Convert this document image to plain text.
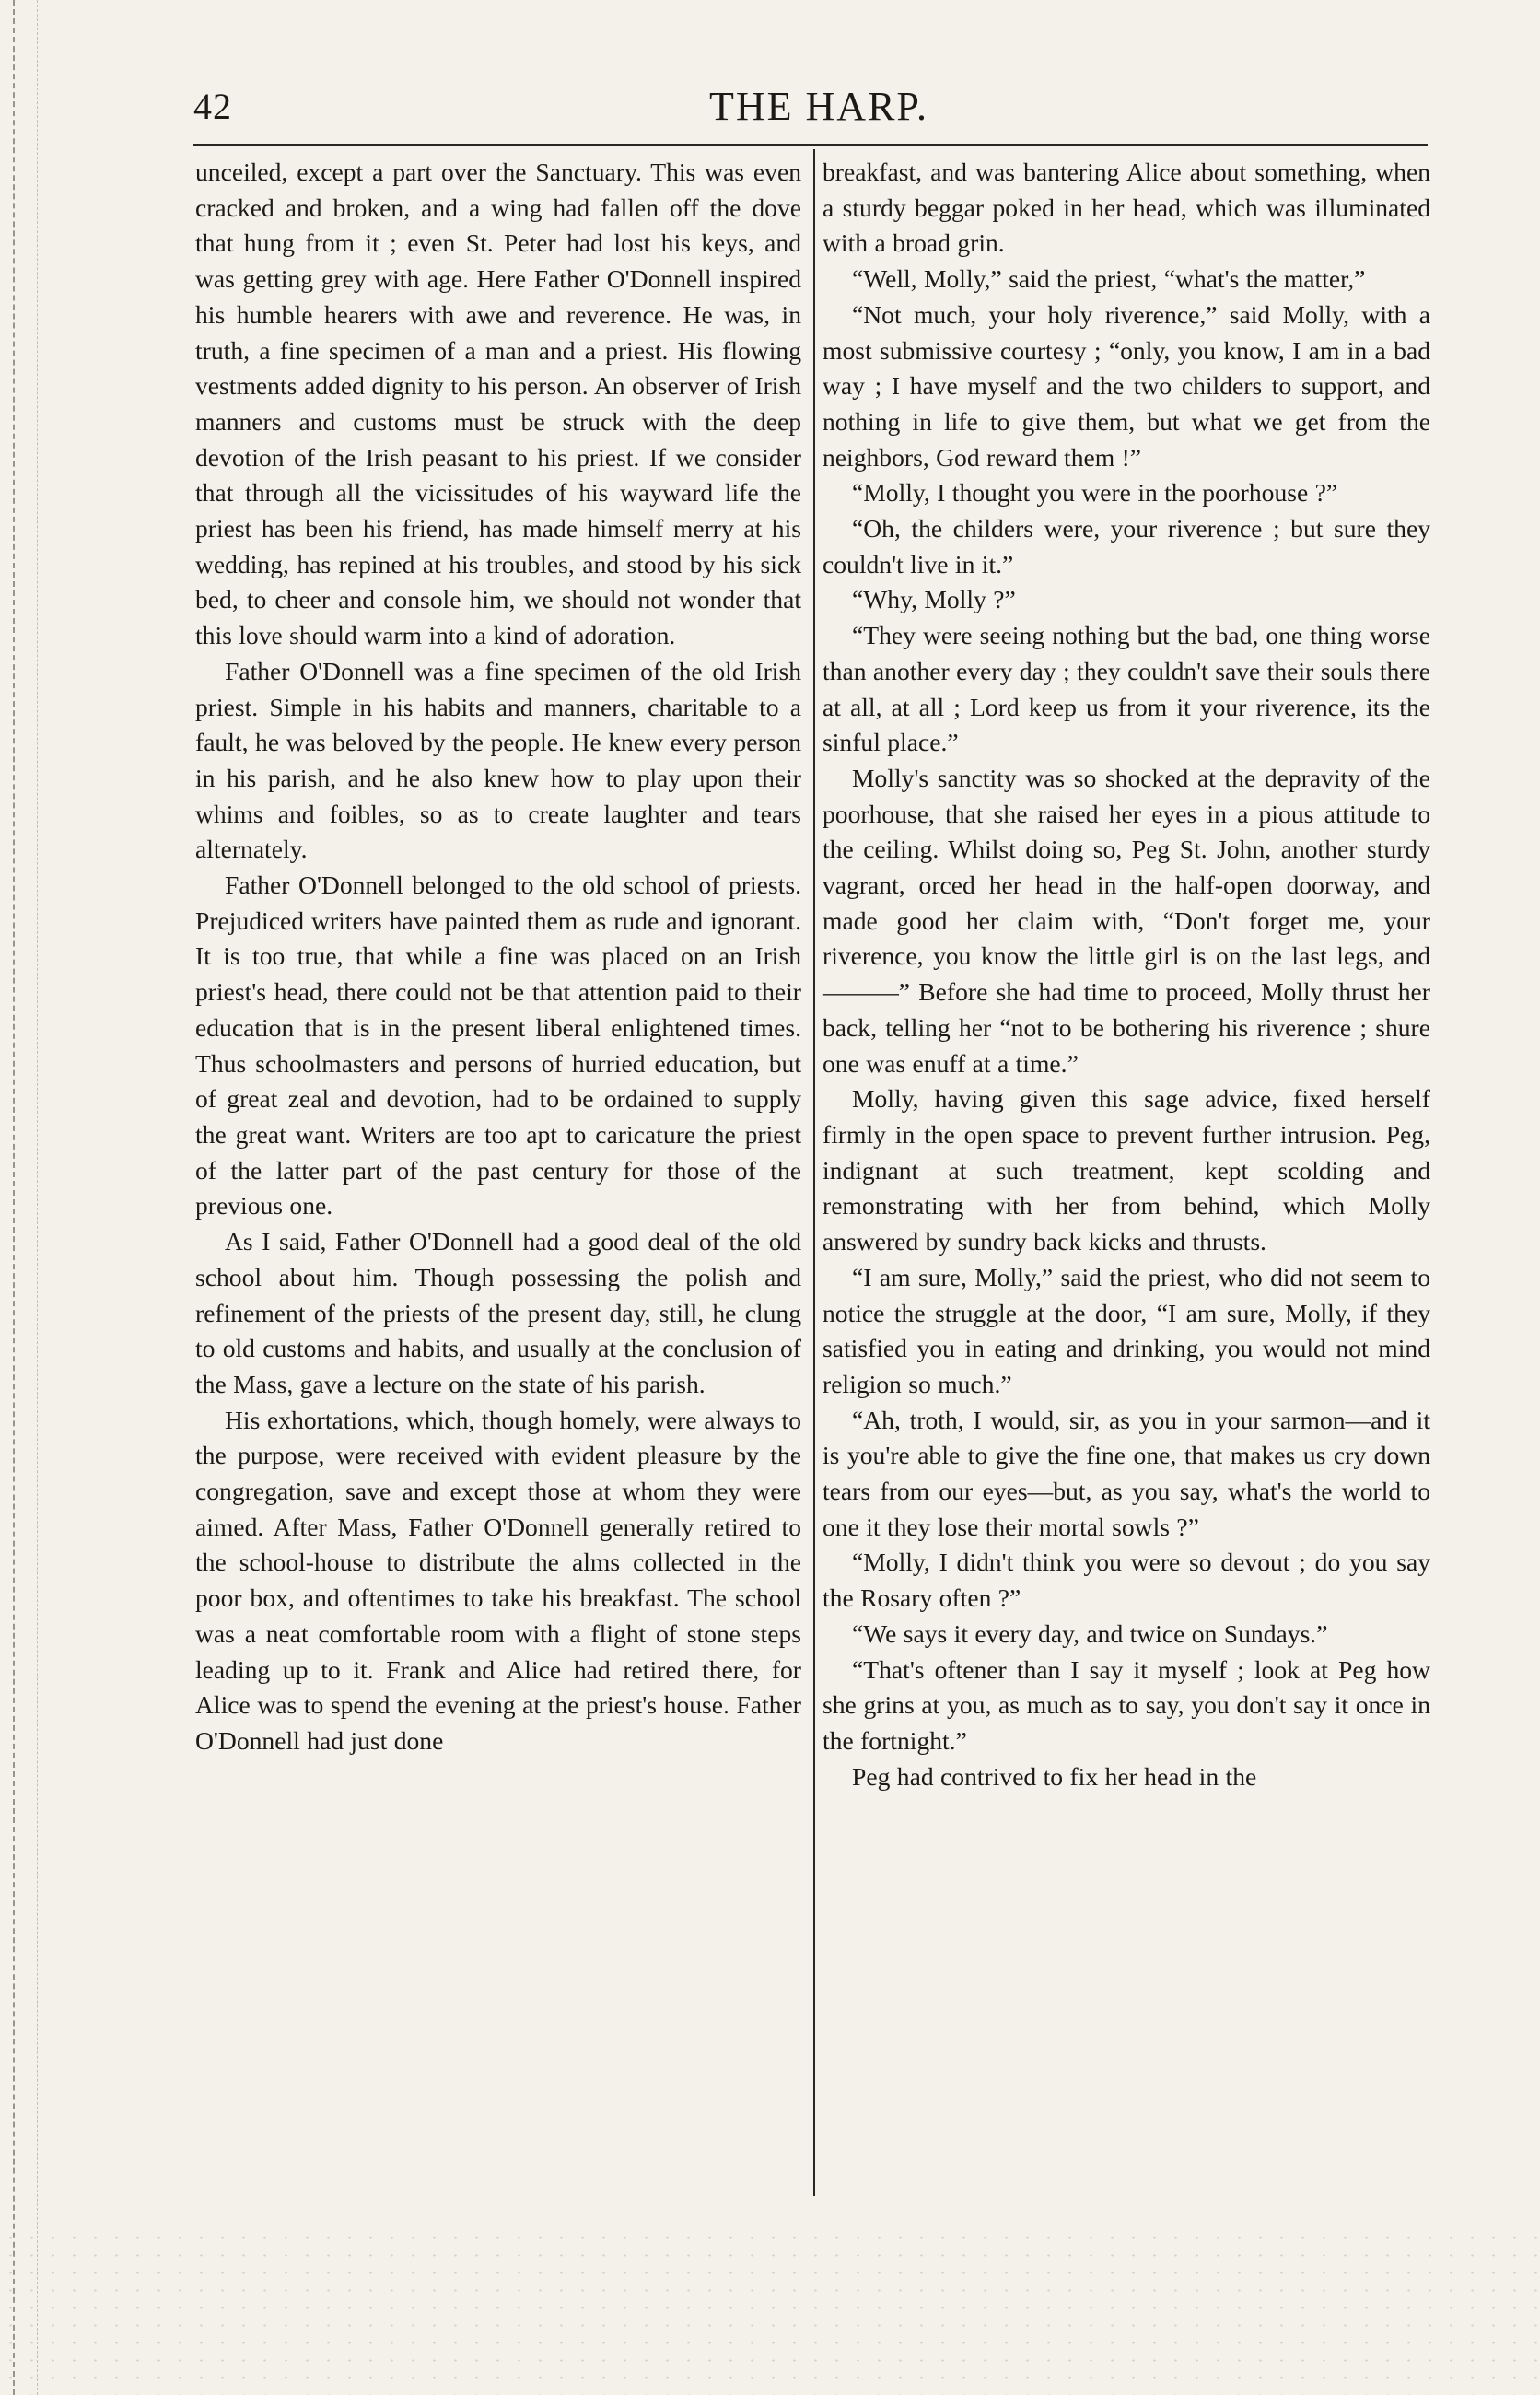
42	THE HARP.

unceiled, except a part over the Sanctuary. This was even cracked and broken, and a wing had fallen off the dove that hung from it ; even St. Peter had lost his keys, and was getting grey with age. Here Father O'Donnell inspired his humble hearers with awe and reverence. He was, in truth, a fine specimen of a man and a priest. His flowing vestments added dignity to his person. An observer of Irish manners and customs must be struck with the deep devotion of the Irish peasant to his priest. If we consider that through all the vicissitudes of his wayward life the priest has been his friend, has made himself merry at his wedding, has repined at his troubles, and stood by his sick bed, to cheer and console him, we should not wonder that this love should warm into a kind of adoration.

Father O'Donnell was a fine specimen of the old Irish priest. Simple in his habits and manners, charitable to a fault, he was beloved by the people. He knew every person in his parish, and he also knew how to play upon their whims and foibles, so as to create laughter and tears alternately.

Father O'Donnell belonged to the old school of priests. Prejudiced writers have painted them as rude and ignorant. It is too true, that while a fine was placed on an Irish priest's head, there could not be that attention paid to their education that is in the present liberal enlightened times. Thus schoolmasters and persons of hurried education, but of great zeal and devotion, had to be ordained to supply the great want. Writers are too apt to caricature the priest of the latter part of the past century for those of the previous one.

As I said, Father O'Donnell had a good deal of the old school about him. Though possessing the polish and refinement of the priests of the present day, still, he clung to old customs and habits, and usually at the conclusion of the Mass, gave a lecture on the state of his parish.

His exhortations, which, though homely, were always to the purpose, were received with evident pleasure by the congregation, save and except those at whom they were aimed. After Mass, Father O'Donnell generally retired to the school-house to distribute the alms collected in the poor box, and oftentimes to take his breakfast. The school was a neat comfortable room with a flight of stone steps leading up to it. Frank and Alice had retired there, for Alice was to spend the evening at the priest's house. Father O'Donnell had just done

breakfast, and was bantering Alice about something, when a sturdy beggar poked in her head, which was illuminated with a broad grin.

“Well, Molly,” said the priest, “what's the matter,”

“Not much, your holy riverence,” said Molly, with a most submissive courtesy ; “only, you know, I am in a bad way ; I have myself and the two childers to support, and nothing in life to give them, but what we get from the neighbors, God reward them !”

“Molly, I thought you were in the poorhouse ?”

“Oh, the childers were, your riverence ; but sure they couldn't live in it.”

“Why, Molly ?”

“They were seeing nothing but the bad, one thing worse than another every day ; they couldn't save their souls there at all, at all ; Lord keep us from it your riverence, its the sinful place.”

Molly's sanctity was so shocked at the depravity of the poorhouse, that she raised her eyes in a pious attitude to the ceiling. Whilst doing so, Peg St. John, another sturdy vagrant, orced her head in the half-open doorway, and made good her claim with, “Don't forget me, your riverence, you know the little girl is on the last legs, and———” Before she had time to proceed, Molly thrust her back, telling her “not to be bothering his riverence ; shure one was enuff at a time.”

Molly, having given this sage advice, fixed herself firmly in the open space to prevent further intrusion. Peg, indignant at such treatment, kept scolding and remonstrating with her from behind, which Molly answered by sundry back kicks and thrusts.

“I am sure, Molly,” said the priest, who did not seem to notice the struggle at the door, “I am sure, Molly, if they satisfied you in eating and drinking, you would not mind religion so much.”

“Ah, troth, I would, sir, as you in your sarmon—and it is you're able to give the fine one, that makes us cry down tears from our eyes—but, as you say, what's the world to one it they lose their mortal sowls ?”

“Molly, I didn't think you were so devout ; do you say the Rosary often ?”

“We says it every day, and twice on Sundays.”

“That's oftener than I say it myself ; look at Peg how she grins at you, as much as to say, you don't say it once in the fortnight.”

Peg had contrived to fix her head in the
